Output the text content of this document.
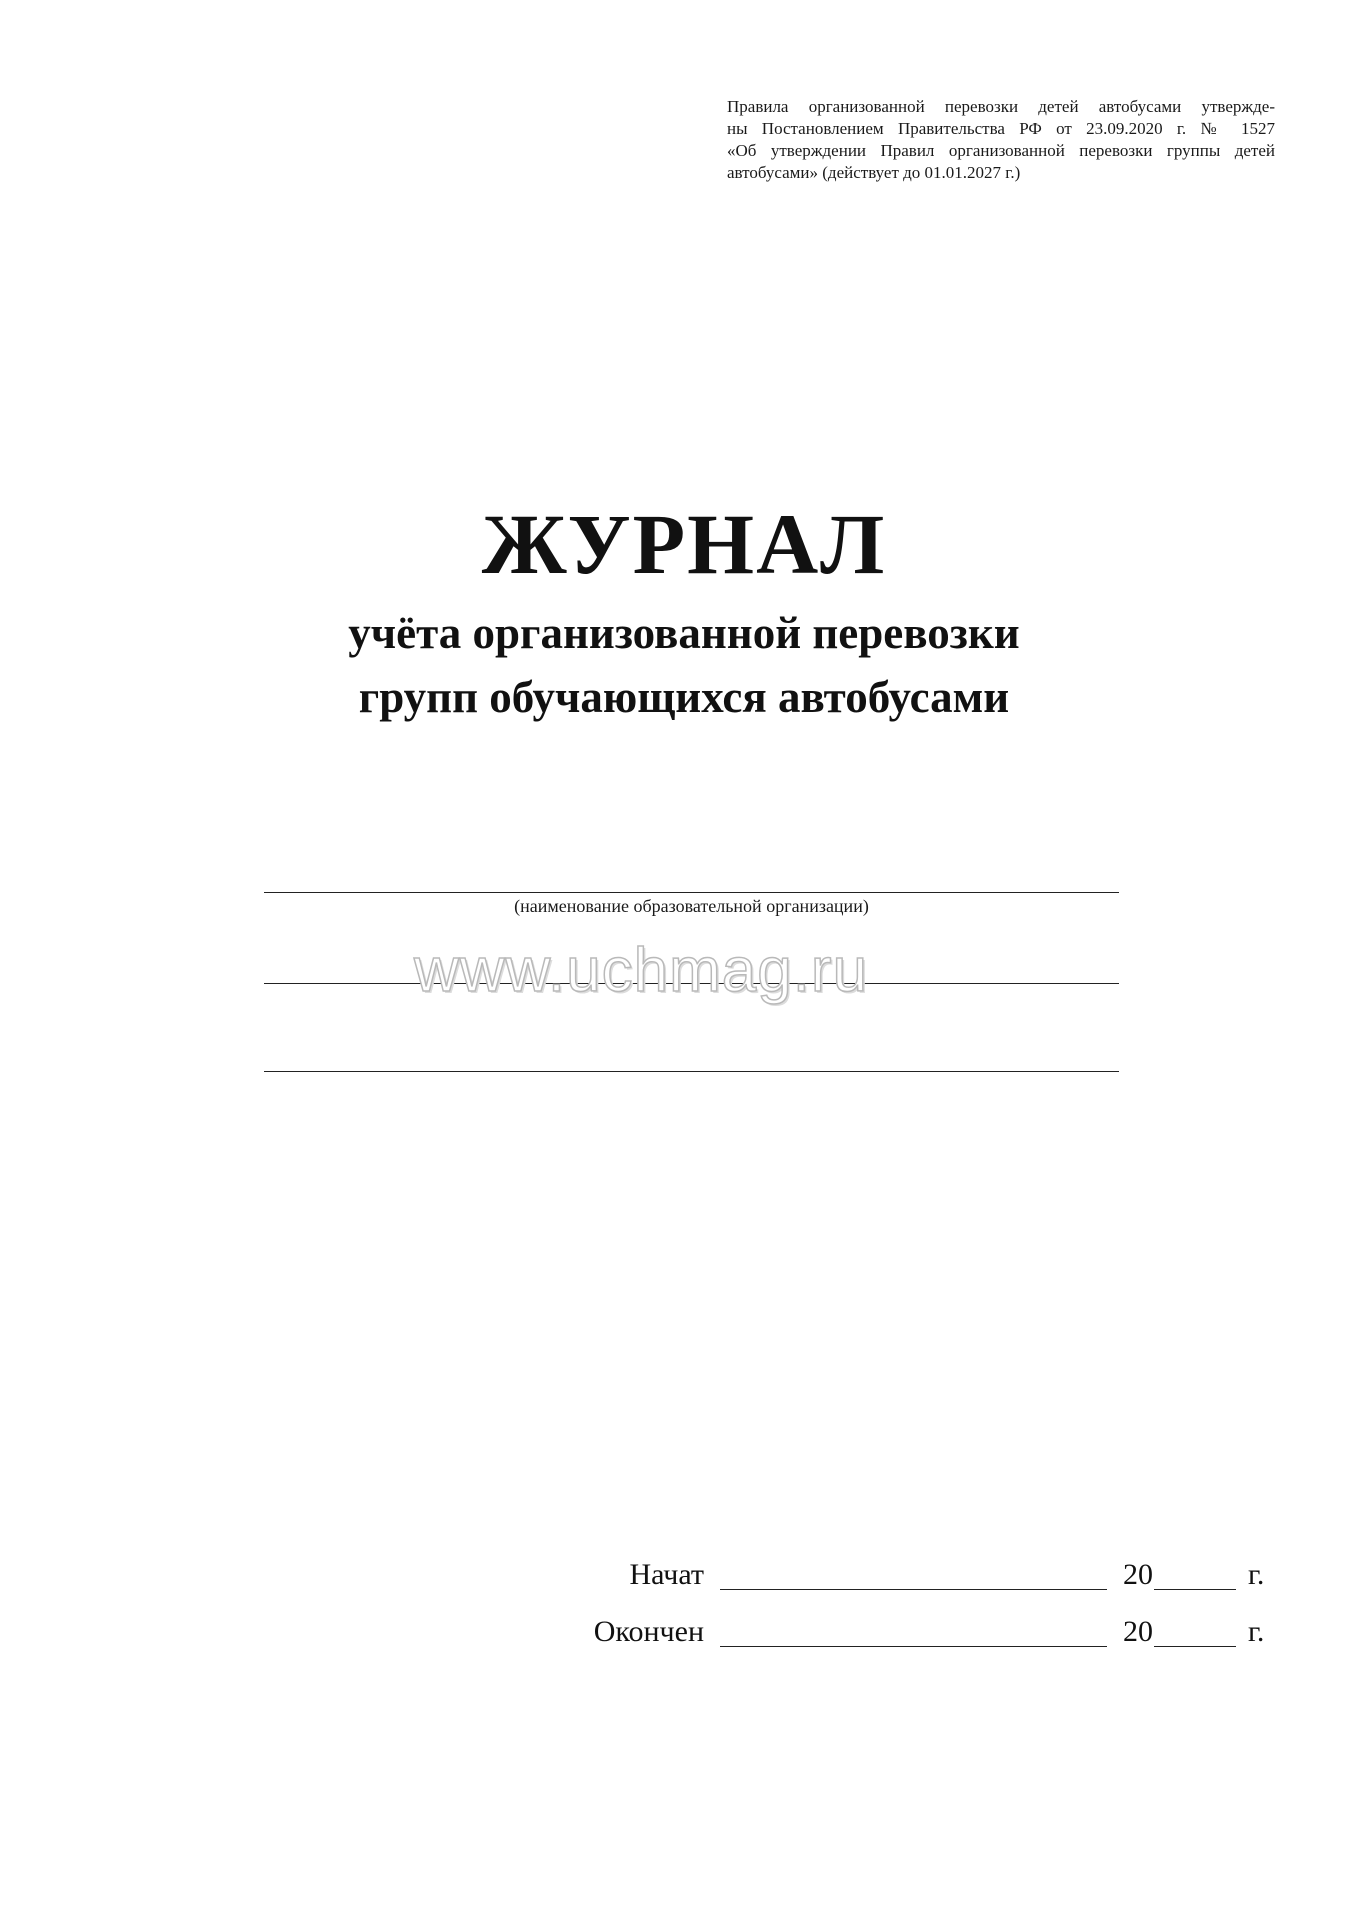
Правила организованной перевозки детей автобусами утвержде-
ны Постановлением Правительства РФ от 23.09.2020 г. № 1527
«Об утверждении Правил организованной перевозки группы детей
автобусами» (действует до 01.01.2027 г.)
ЖУРНАЛ
учёта организованной перевозки
групп обучающихся автобусами
(наименование образовательной организации)
www.uchmag.ru
Начат	20	г.
Окончен	20	г.
